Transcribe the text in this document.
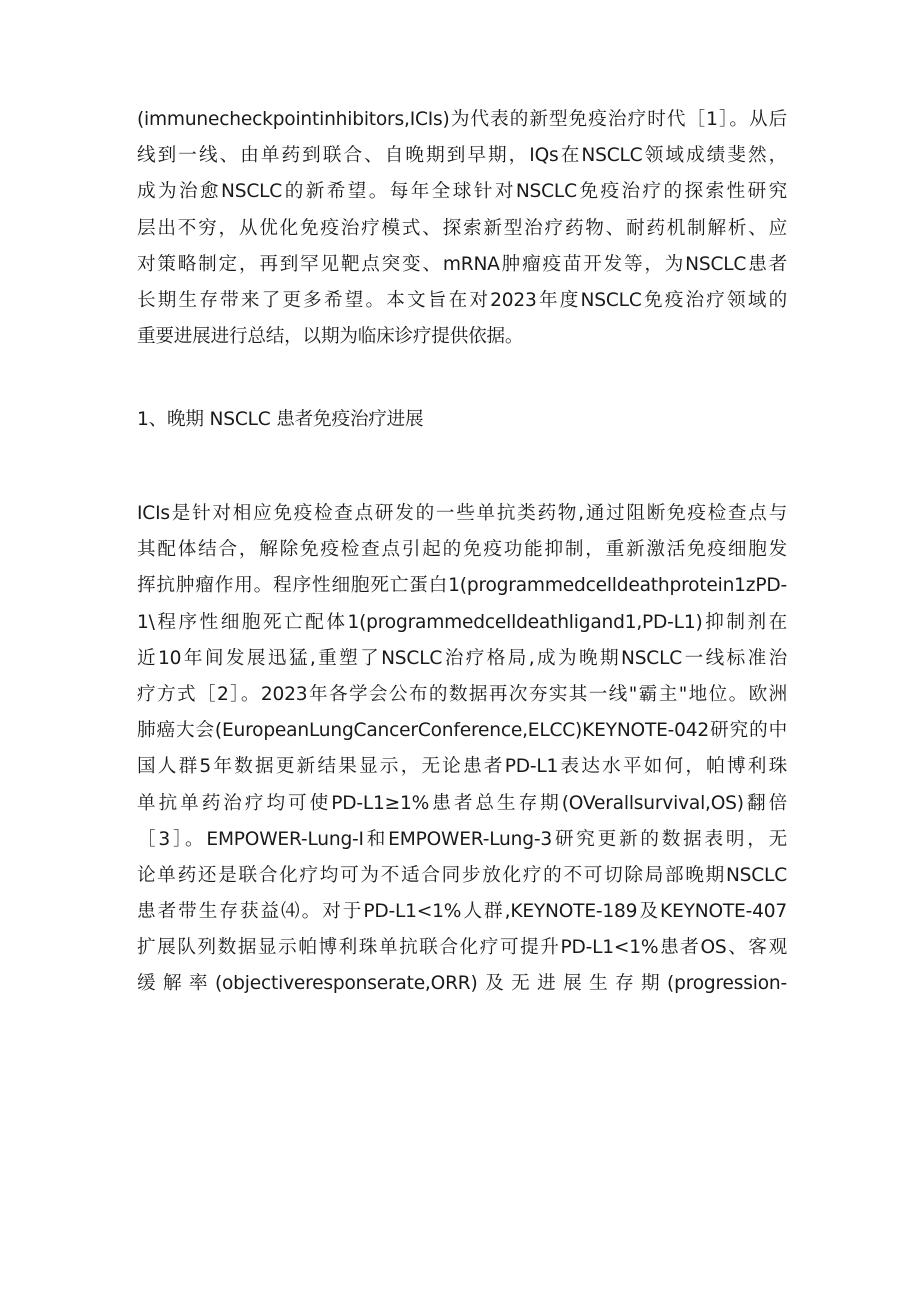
(immunecheckpointinhibitors,ICIs)为代表的新型免疫治疗时代［1］。从后
线到一线、由单药到联合、自晚期到早期，IQs在NSCLC领域成绩斐然，
成为治愈NSCLC的新希望。每年全球针对NSCLC免疫治疗的探索性研究
层出不穷，从优化免疫治疗模式、探索新型治疗药物、耐药机制解析、应
对策略制定，再到罕见靶点突变、mRNA肿瘤疫苗开发等，为NSCLC患者
长期生存带来了更多希望。本文旨在对2023年度NSCLC免疫治疗领域的
重要进展进行总结，以期为临床诊疗提供依据。
1、晚期 NSCLC 患者免疫治疗进展
ICIs是针对相应免疫检查点研发的一些单抗类药物,通过阻断免疫检查点与
其配体结合，解除免疫检查点引起的免疫功能抑制，重新激活免疫细胞发
挥抗肿瘤作用。程序性细胞死亡蛋白1(programmedcelldeathprotein1zPD-
1\程序性细胞死亡配体1(programmedcelldeathligand1,PD-L1)抑制剂在
近10年间发展迅猛,重塑了NSCLC治疗格局,成为晚期NSCLC一线标准治
疗方式［2］。2023年各学会公布的数据再次夯实其一线"霸主"地位。欧洲
肺癌大会(EuropeanLungCancerConference,ELCC)KEYNOTE-042研究的中
国人群5年数据更新结果显示，无论患者PD-L1表达水平如何，帕博利珠
单抗单药治疗均可使PD-L1≥1%患者总生存期(OVerallsurvival,OS)翻倍
［3］。EMPOWER-Lung-I和EMPOWER-Lung-3研究更新的数据表明，无
论单药还是联合化疗均可为不适合同步放化疗的不可切除局部晚期NSCLC
患者带生存获益⑷。对于PD-L1<1%人群,KEYNOTE-189及KEYNOTE-407
扩展队列数据显示帕博利珠单抗联合化疗可提升PD-L1<1%患者OS、客观
缓解率(objectiveresponserate,ORR)及无进展生存期(progression-
